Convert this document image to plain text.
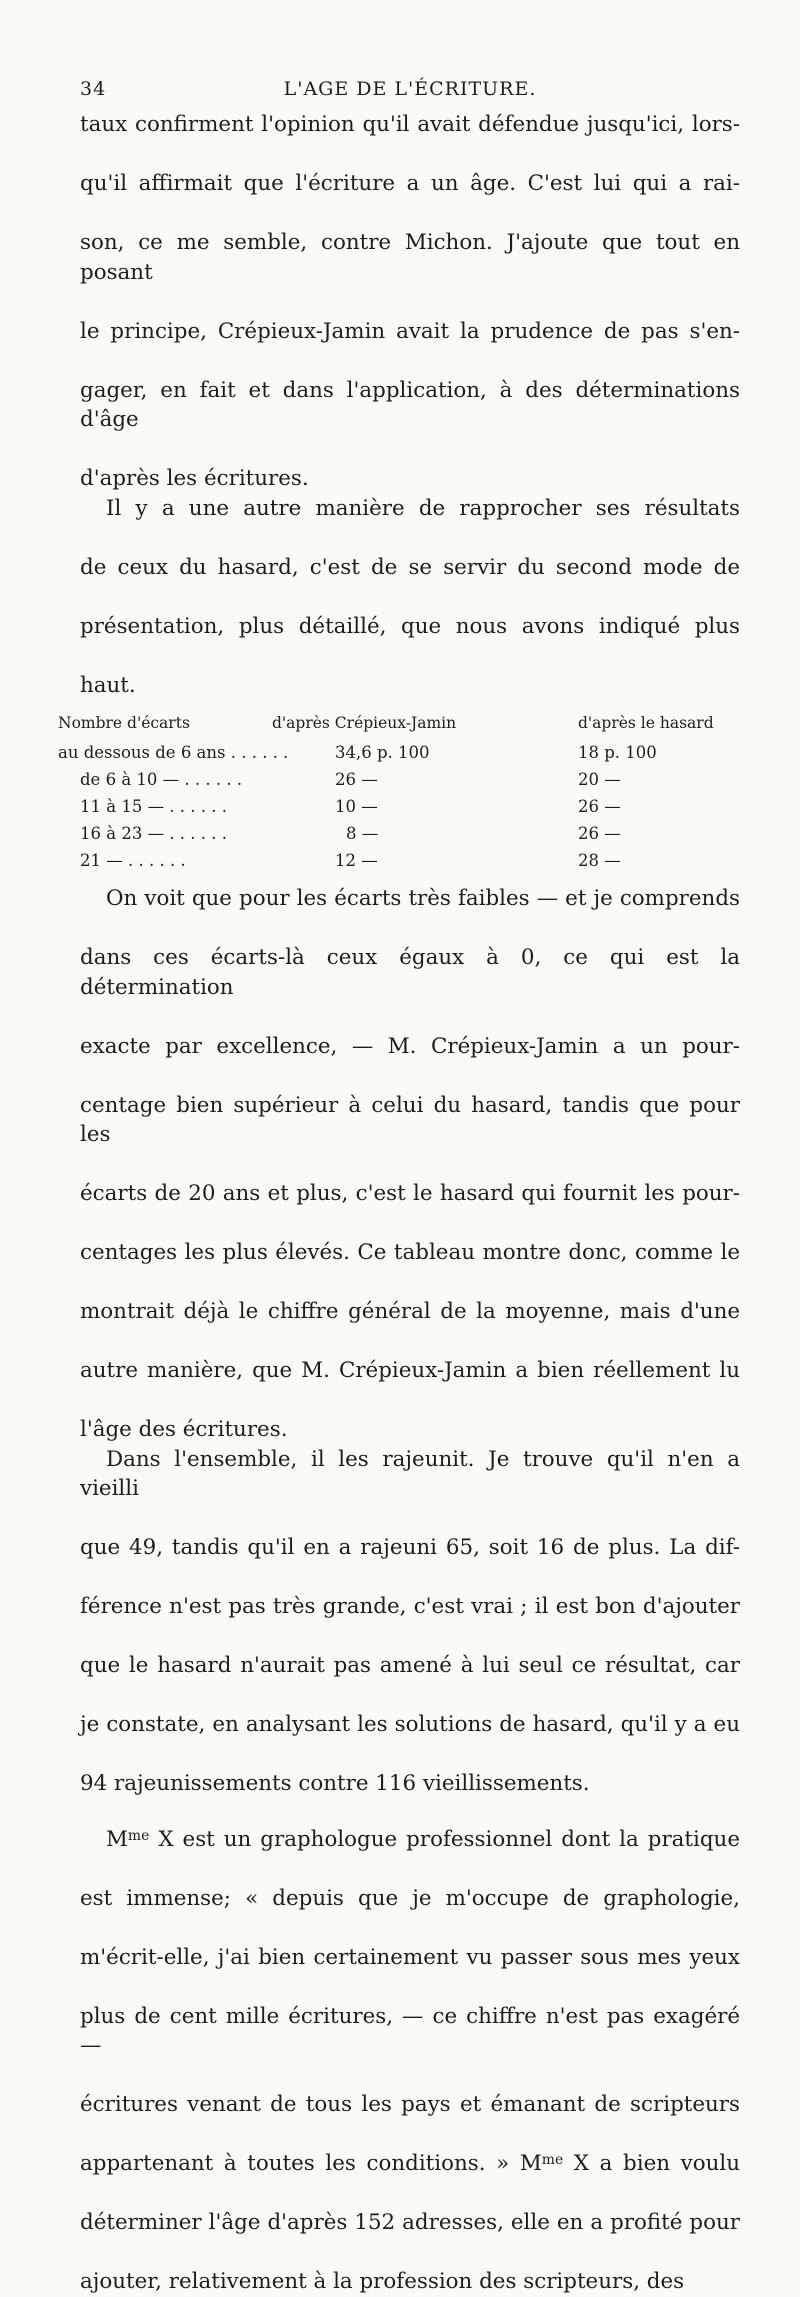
34	L'AGE DE L'ÉCRITURE.

taux confirment l'opinion qu'il avait défendue jusqu'ici, lors- qu'il affirmait que l'écriture a un âge. C'est lui qui a rai- son, ce me semble, contre Michon. J'ajoute que tout en posant le principe, Crépieux-Jamin avait la prudence de pas s'en- gager, en fait et dans l'application, à des déterminations d'âge d'après les écritures.

Il y a une autre manière de rapprocher ses résultats de ceux du hasard, c'est de se servir du second mode de présentation, plus détaillé, que nous avons indiqué plus haut.

Nombre d'écarts	d'après Crépieux-Jamin	d'après le hasard
au dessous de 6 ans . . . . . .	34,6 p. 100	18 p. 100
de 6 à 10 — . . . . . .	26 —	20 —
11 à 15 — . . . . . .	10 —	26 —
16 à 23 — . . . . . .	8 —	26 —
21 — . . . . . .	12 —	28 —

On voit que pour les écarts très faibles — et je comprends dans ces écarts-là ceux égaux à 0, ce qui est la détermination exacte par excellence, — M. Crépieux-Jamin a un pour- centage bien supérieur à celui du hasard, tandis que pour les écarts de 20 ans et plus, c'est le hasard qui fournit les pour- centages les plus élevés. Ce tableau montre donc, comme le montrait déjà le chiffre général de la moyenne, mais d'une autre manière, que M. Crépieux-Jamin a bien réellement lu l'âge des écritures.

Dans l'ensemble, il les rajeunit. Je trouve qu'il n'en a vieilli que 49, tandis qu'il en a rajeuni 65, soit 16 de plus. La dif- férence n'est pas très grande, c'est vrai ; il est bon d'ajouter que le hasard n'aurait pas amené à lui seul ce résultat, car je constate, en analysant les solutions de hasard, qu'il y a eu 94 rajeunissements contre 116 vieillissements.

$M^{me}$ X est un graphologue professionnel dont la pratique est immense; « depuis que je m'occupe de graphologie, m'écrit-elle, j'ai bien certainement vu passer sous mes yeux plus de cent mille écritures, — ce chiffre n'est pas exagéré — écritures venant de tous les pays et émanant de scripteurs appartenant à toutes les conditions. » $M^{me}$ X a bien voulu déterminer l'âge d'après 152 adresses, elle en a profité pour ajouter, relativement à la profession des scripteurs, des
